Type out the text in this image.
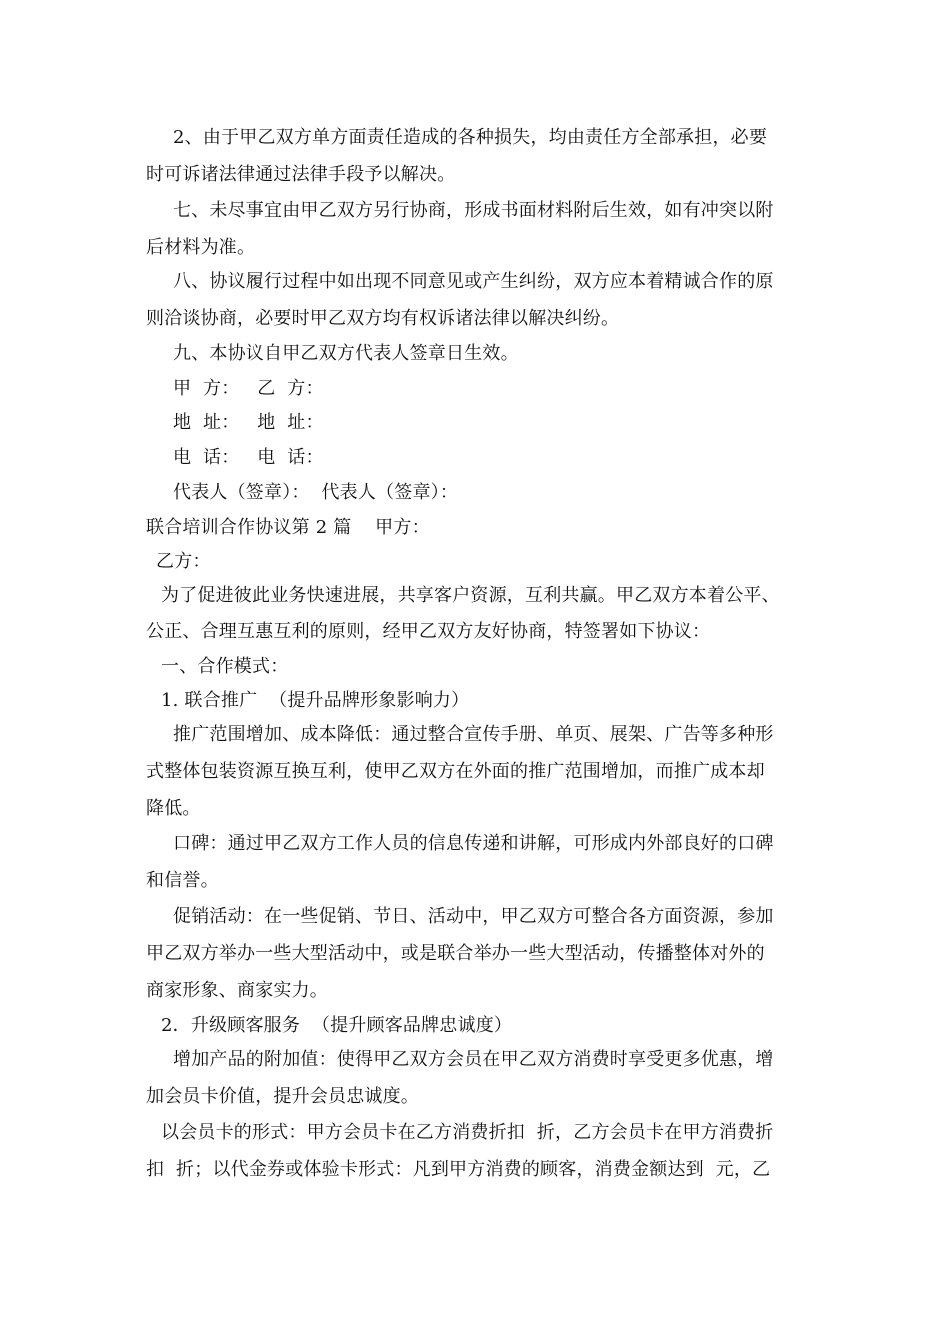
2、由于甲乙双方单方面责任造成的各种损失，均由责任方全部承担，必要
时可诉诸法律通过法律手段予以解决。
七、未尽事宜由甲乙双方另行协商，形成书面材料附后生效，如有冲突以附
后材料为准。
八、协议履行过程中如出现不同意见或产生纠纷，双方应本着精诚合作的原
则洽谈协商，必要时甲乙双方均有权诉诸法律以解决纠纷。
九、本协议自甲乙双方代表人签章日生效。
甲  方：   乙  方：
地  址：   地  址：
电  话：   电  话：
代表人（签章）：  代表人（签章）：
联合培训合作协议第 2 篇    甲方：
乙方：
为了促进彼此业务快速进展，共享客户资源，互利共赢。甲乙双方本着公平、
公正、合理互惠互利的原则，经甲乙双方友好协商，特签署如下协议：
一、合作模式：
1. 联合推广  （提升品牌形象影响力）
推广范围增加、成本降低：通过整合宣传手册、单页、展架、广告等多种形
式整体包装资源互换互利，使甲乙双方在外面的推广范围增加，而推广成本却
降低。
口碑：通过甲乙双方工作人员的信息传递和讲解，可形成内外部良好的口碑
和信誉。
促销活动：在一些促销、节日、活动中，甲乙双方可整合各方面资源，参加
甲乙双方举办一些大型活动中，或是联合举办一些大型活动，传播整体对外的
商家形象、商家实力。
2．升级顾客服务  （提升顾客品牌忠诚度）
增加产品的附加值：使得甲乙双方会员在甲乙双方消费时享受更多优惠，增
加会员卡价值，提升会员忠诚度。
以会员卡的形式：甲方会员卡在乙方消费折扣  折，乙方会员卡在甲方消费折
扣  折；以代金券或体验卡形式：凡到甲方消费的顾客，消费金额达到  元，乙
